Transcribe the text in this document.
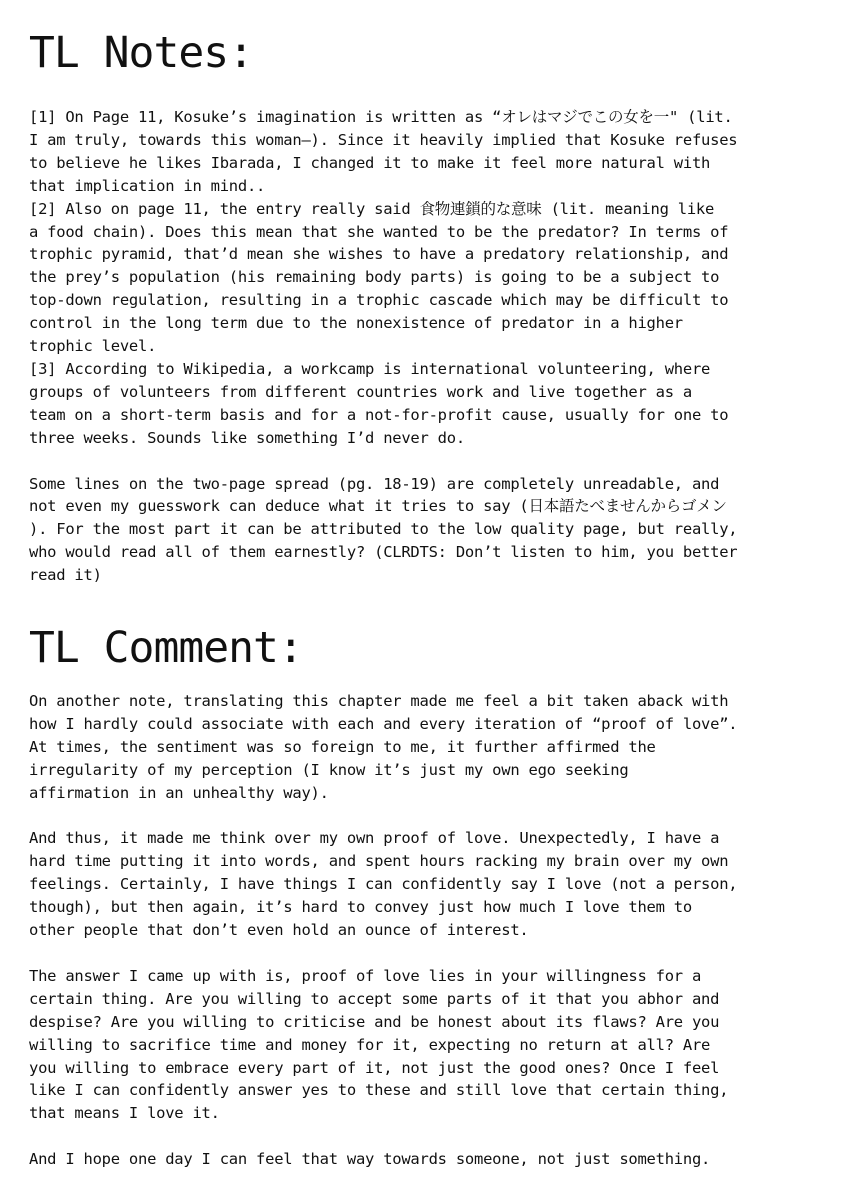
TL Notes:

[1] On Page 11, Kosuke’s imagination is written as “オレはマジでこの女を一" (lit.
I am truly, towards this woman—). Since it heavily implied that Kosuke refuses
to believe he likes Ibarada, I changed it to make it feel more natural with
that implication in mind..
[2] Also on page 11, the entry really said 食物連鎖的な意味 (lit. meaning like
a food chain). Does this mean that she wanted to be the predator? In terms of
trophic pyramid, that’d mean she wishes to have a predatory relationship, and
the prey’s population (his remaining body parts) is going to be a subject to
top-down regulation, resulting in a trophic cascade which may be difficult to
control in the long term due to the nonexistence of predator in a higher
trophic level.
[3] According to Wikipedia, a workcamp is international volunteering, where
groups of volunteers from different countries work and live together as a
team on a short-term basis and for a not-for-profit cause, usually for one to
three weeks. Sounds like something I’d never do.

Some lines on the two-page spread (pg. 18-19) are completely unreadable, and
not even my guesswork can deduce what it tries to say (日本語たべませんからゴメン
). For the most part it can be attributed to the low quality page, but really,
who would read all of them earnestly? (CLRDTS: Don’t listen to him, you better
read it)

TL Comment:

On another note, translating this chapter made me feel a bit taken aback with
how I hardly could associate with each and every iteration of “proof of love”.
At times, the sentiment was so foreign to me, it further affirmed the
irregularity of my perception (I know it’s just my own ego seeking
affirmation in an unhealthy way).

And thus, it made me think over my own proof of love. Unexpectedly, I have a
hard time putting it into words, and spent hours racking my brain over my own
feelings. Certainly, I have things I can confidently say I love (not a person,
though), but then again, it’s hard to convey just how much I love them to
other people that don’t even hold an ounce of interest.

The answer I came up with is, proof of love lies in your willingness for a
certain thing. Are you willing to accept some parts of it that you abhor and
despise? Are you willing to criticise and be honest about its flaws? Are you
willing to sacrifice time and money for it, expecting no return at all? Are
you willing to embrace every part of it, not just the good ones? Once I feel
like I can confidently answer yes to these and still love that certain thing,
that means I love it.

And I hope one day I can feel that way towards someone, not just something.
